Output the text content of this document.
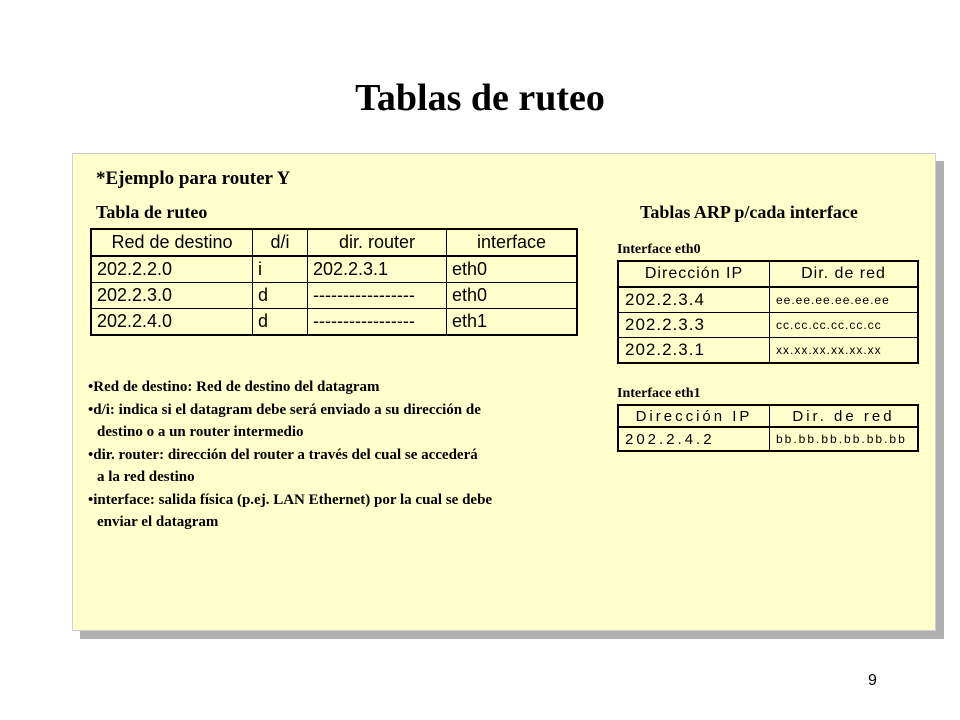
Tablas de ruteo
*Ejemplo para router Y
Tabla de ruteo	Tablas ARP p/cada interface
Red de destino	d/i	dir. router	interface
202.2.2.0	i	202.2.3.1	eth0
202.2.3.0	d	-----------------	eth0
202.2.4.0	d	-----------------	eth1
Interface eth0
Dirección IP	Dir. de red
202.2.3.4	ee.ee.ee.ee.ee.ee
202.2.3.3	cc.cc.cc.cc.cc.cc
202.2.3.1	xx.xx.xx.xx.xx.xx
Interface eth1
Dirección IP	Dir. de red
202.2.4.2	bb.bb.bb.bb.bb.bb
•Red de destino: Red de destino del datagram
•d/i: indica si el datagram debe será enviado a su dirección de
destino o a un router intermedio
•dir. router: dirección del router a través del cual se accederá
a la red destino
•interface: salida física (p.ej. LAN Ethernet) por la cual se debe
enviar el datagram
9
